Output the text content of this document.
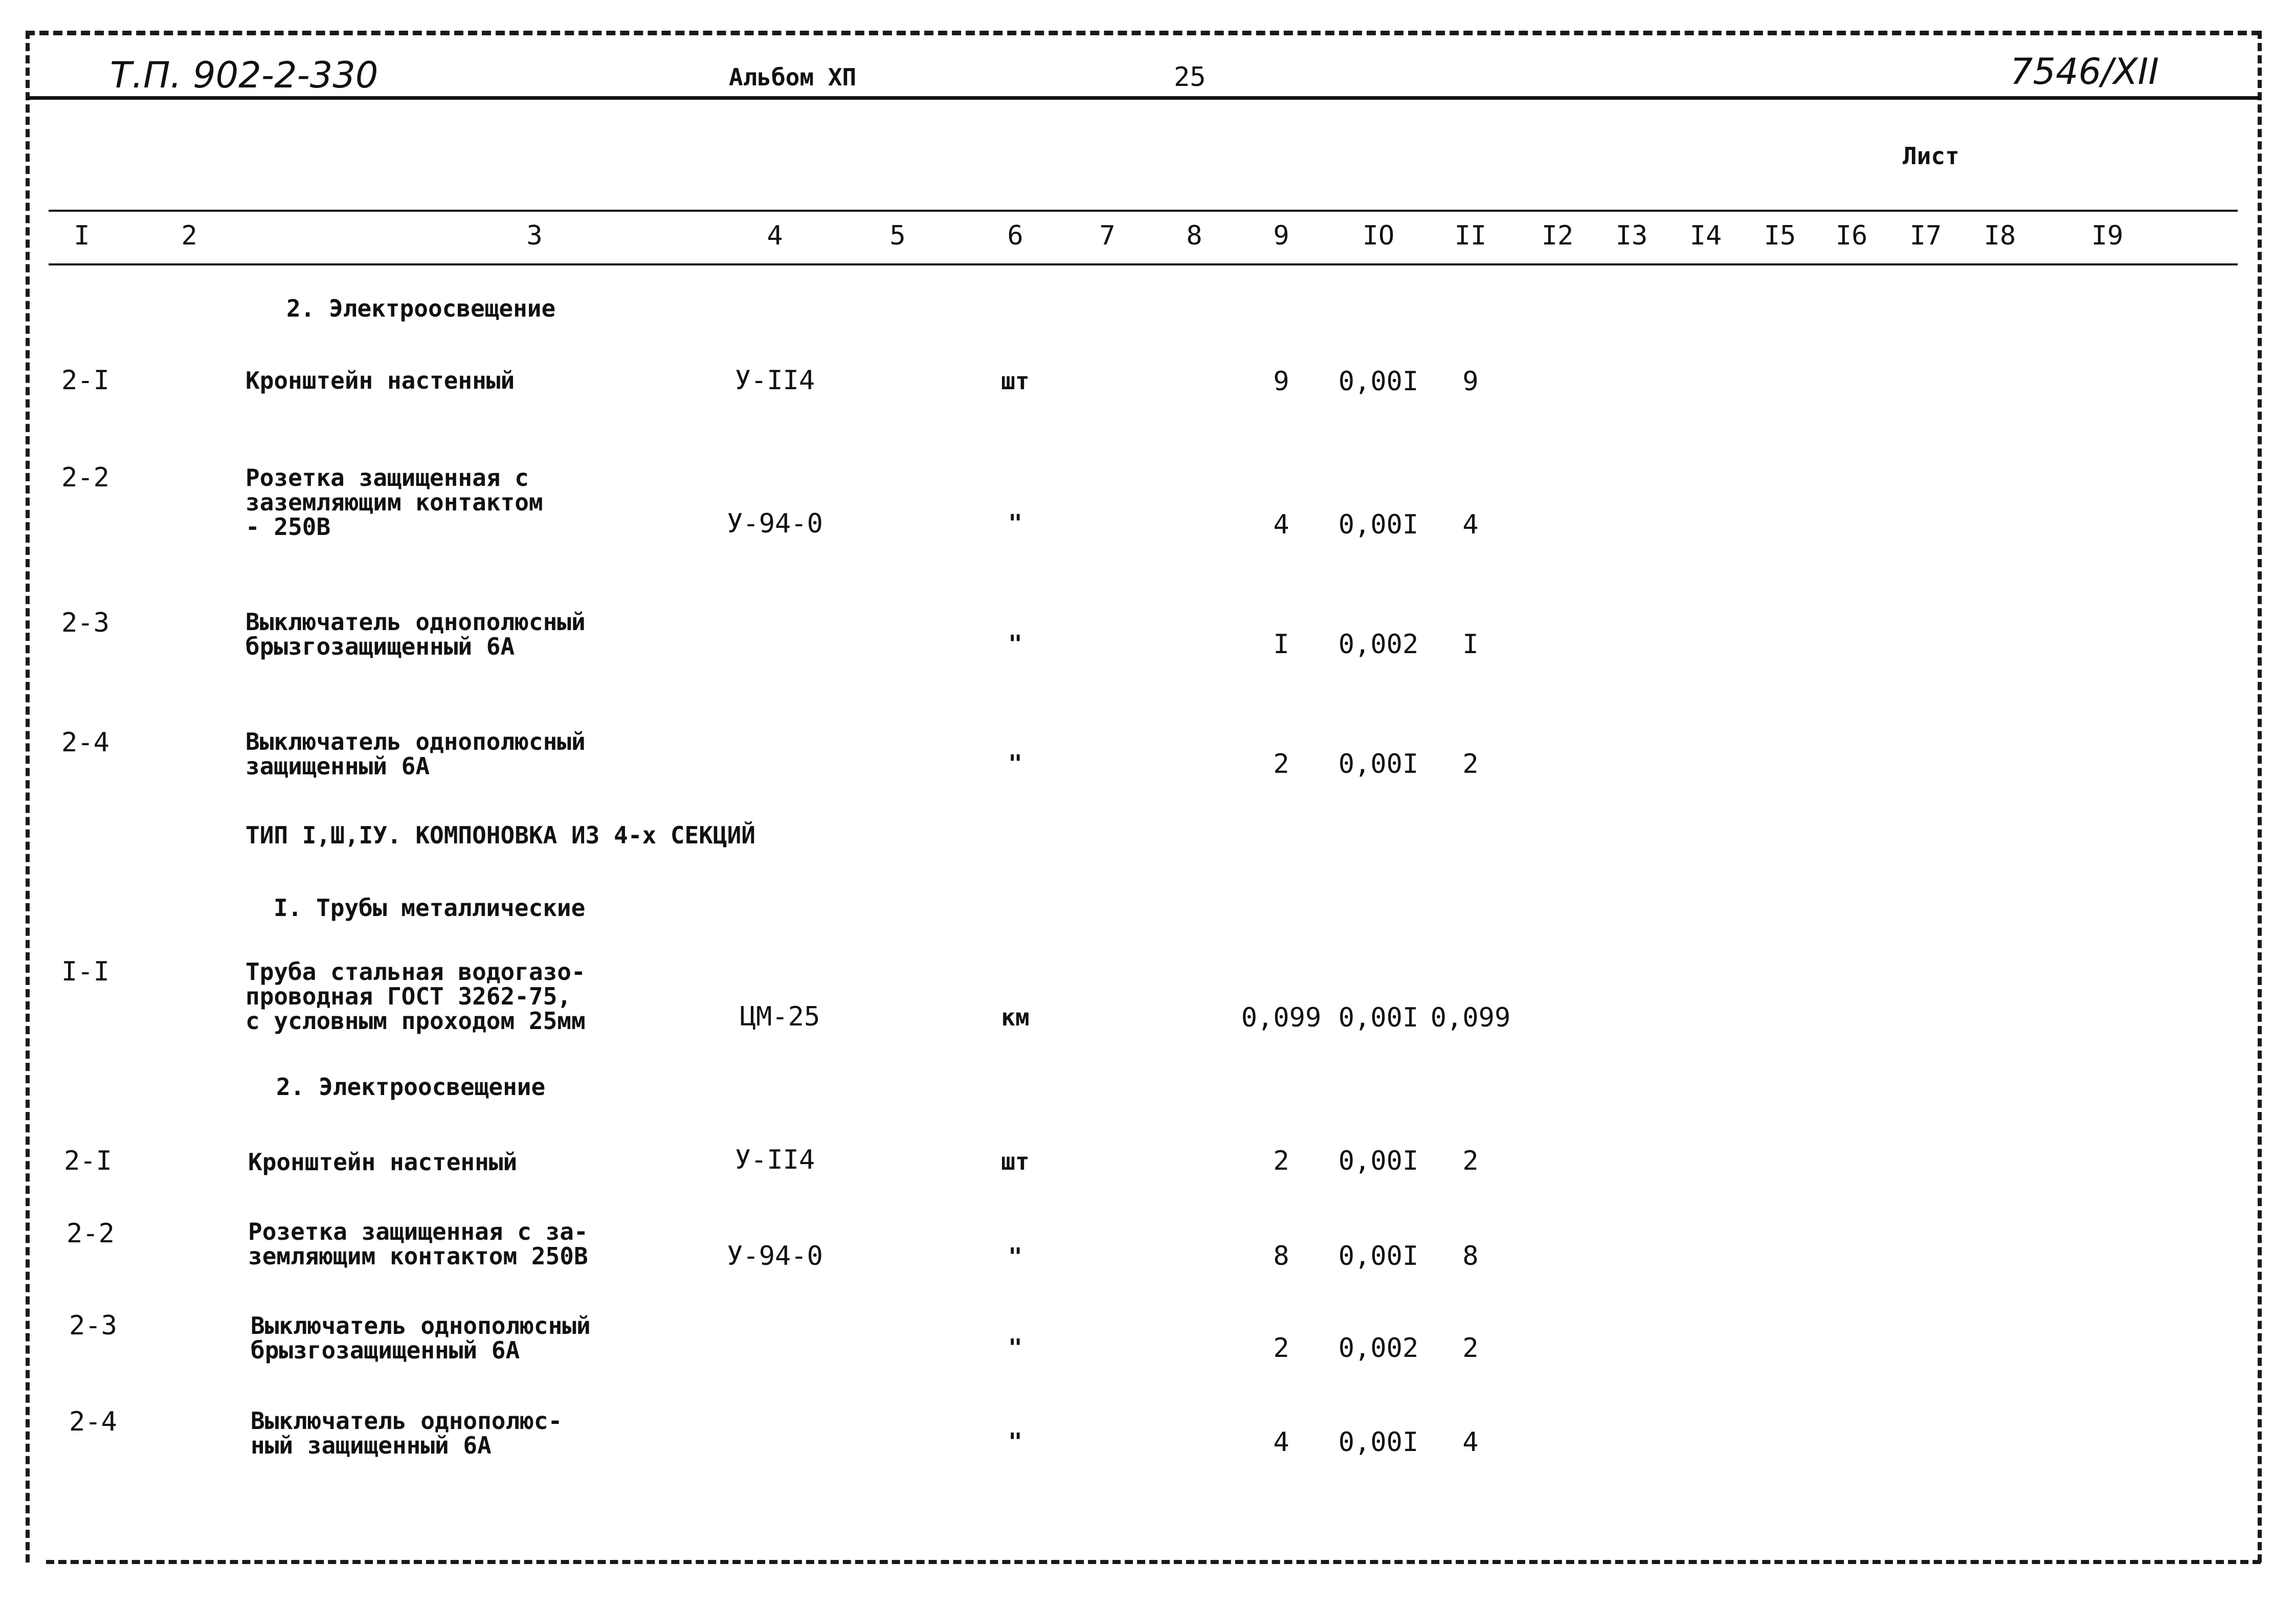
Т.П. 902-2-330	Альбом ХП	25	7546/XII
Лист
I	2	3	4	5	6	7	8	9	IO	II	I2	I3	I4	I5	I6	I7	I8	I9
2. Электроосвещение
ТИП I,Ш,IУ. КОМПОНОВКА ИЗ 4-х СЕКЦИЙ
I. Трубы металлические
2. Электроосвещение
2-I	Кронштейн настенный	У-II4	шт	9	0,00I	9
2-2	Розетка защищенная с
заземляющим контактом
- 250В	У-94-0	"	4	0,00I	4
2-3	Выключатель однополюсный
брызгозащищенный 6А	"	I	0,002	I
2-4	Выключатель однополюсный
защищенный 6А	"	2	0,00I	2
I-I	Труба стальная водогазо-
проводная ГОСТ 3262-75,
с условным проходом 25мм	ЦМ-25	км	0,099 0,00I 0,099
2-I	Кронштейн настенный	У-II4	шт	2	0,00I	2
2-2	Розетка защищенная с за-
земляющим контактом 250В	У-94-0	"	8	0,00I	8
2-3	Выключатель однополюсный
брызгозащищенный 6А	"	2	0,002	2
2-4	Выключатель однополюс-
ный защищенный 6А	"	4	0,00I	4
